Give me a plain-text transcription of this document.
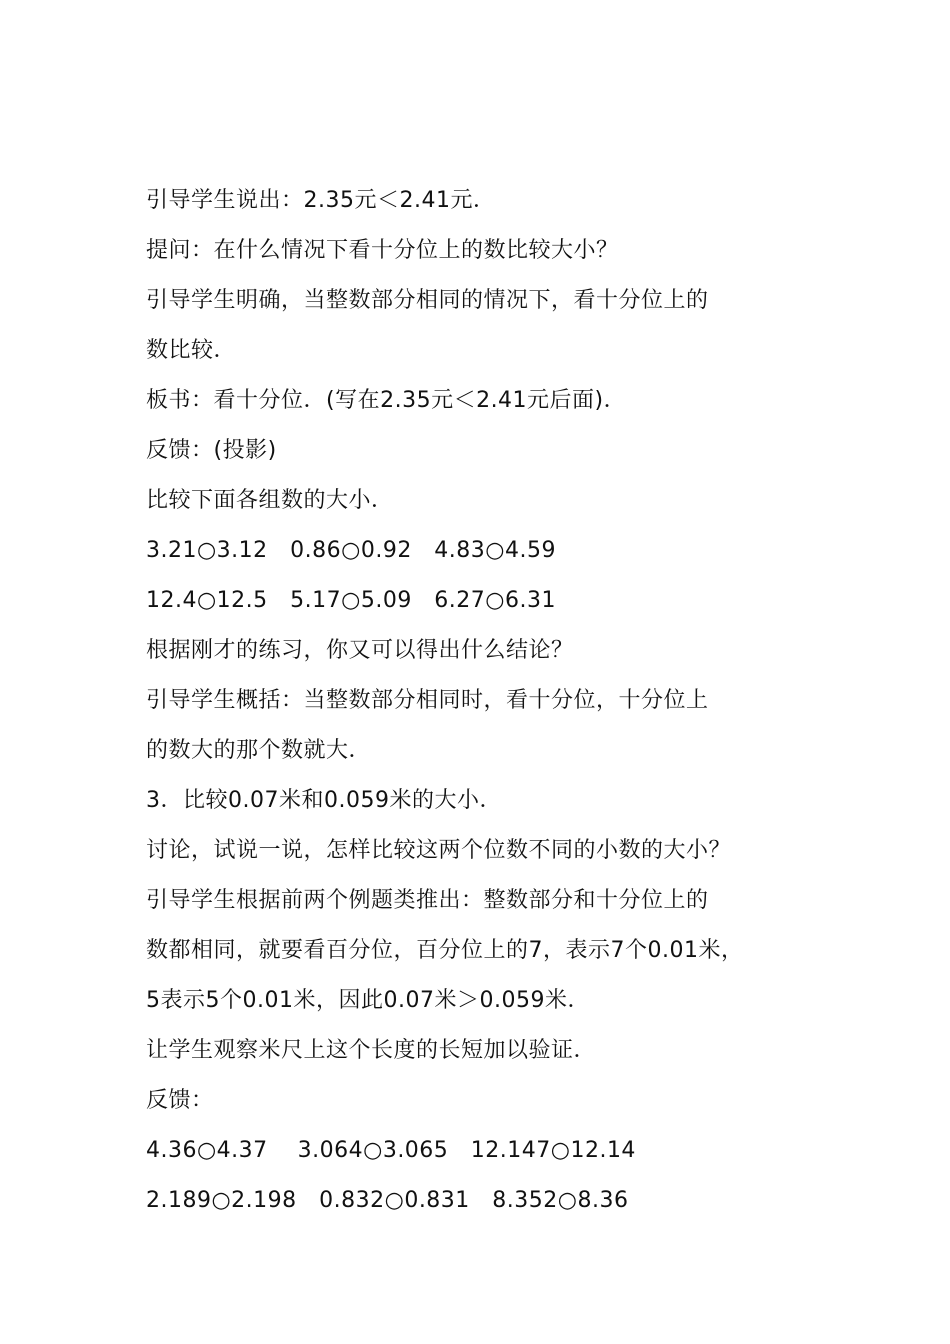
引导学生说出：2.35元＜2.41元．
提问：在什么情况下看十分位上的数比较大小？
引导学生明确，当整数部分相同的情况下，看十分位上的
数比较．
板书：看十分位．(写在2.35元＜2.41元后面)．
反馈：(投影)
比较下面各组数的大小．
3.21○3.12   0.86○0.92   4.83○4.59
12.4○12.5   5.17○5.09   6.27○6.31
根据刚才的练习，你又可以得出什么结论？
引导学生概括：当整数部分相同时，看十分位，十分位上
的数大的那个数就大．
3．比较0.07米和0.059米的大小．
讨论，试说一说，怎样比较这两个位数不同的小数的大小？
引导学生根据前两个例题类推出：整数部分和十分位上的
数都相同，就要看百分位，百分位上的7，表示7个0.01米，
5表示5个0.01米，因此0.07米＞0.059米．
让学生观察米尺上这个长度的长短加以验证．
反馈：
4.36○4.37    3.064○3.065   12.147○12.14
2.189○2.198   0.832○0.831   8.352○8.36
